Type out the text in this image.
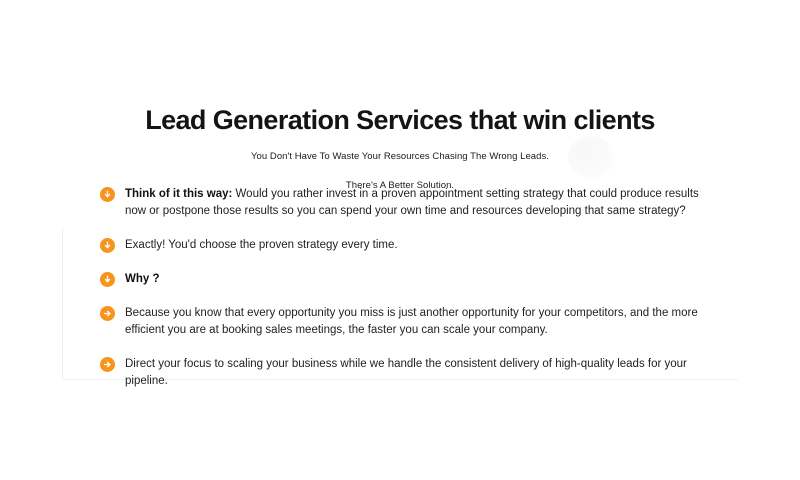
Lead Generation Services that win clients

You Don't Have To Waste Your Resources Chasing The Wrong Leads.

There's A Better Solution.

Think of it this way: Would you rather invest in a proven appointment setting strategy that could produce results now or postpone those results so you can spend your own time and resources developing that same strategy?
Exactly! You'd choose the proven strategy every time.
Why ?
Because you know that every opportunity you miss is just another opportunity for your competitors, and the more efficient you are at booking sales meetings, the faster you can scale your company.
Direct your focus to scaling your business while we handle the consistent delivery of high-quality leads for your pipeline.
